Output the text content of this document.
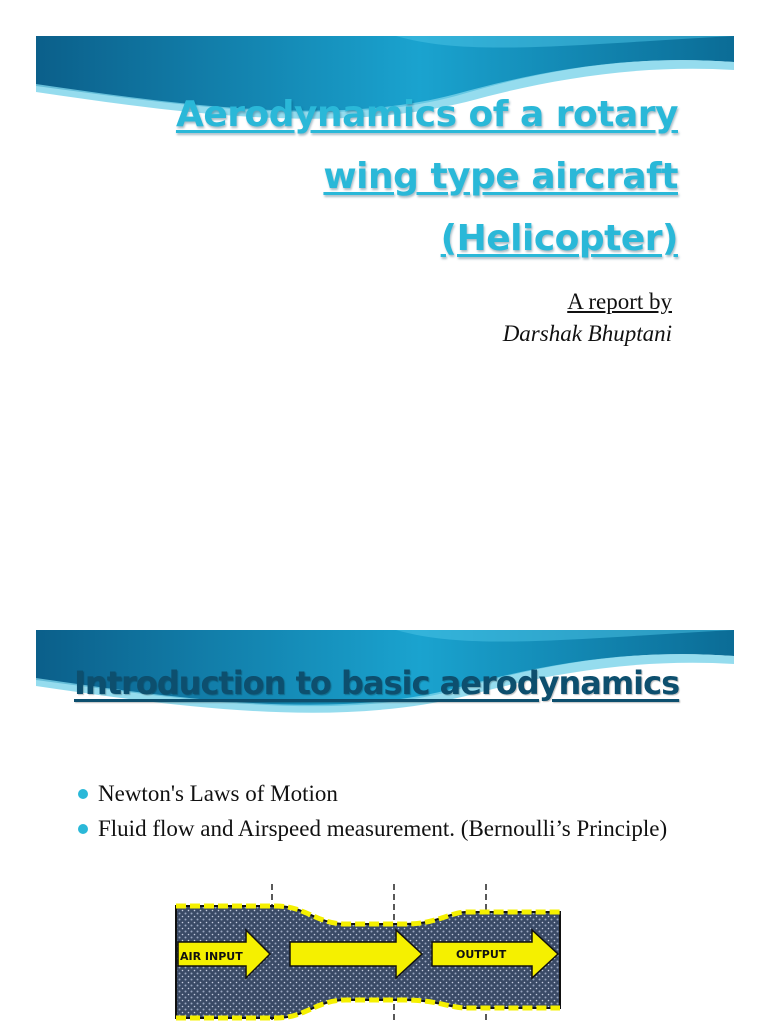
Aerodynamics of a rotary
wing type aircraft
(Helicopter)
A report by
Darshak Bhuptani
Introduction to basic aerodynamics
Newton's Laws of Motion
Fluid flow and Airspeed measurement. (Bernoulli’s Principle)
AIR INPUT	OUTPUT
